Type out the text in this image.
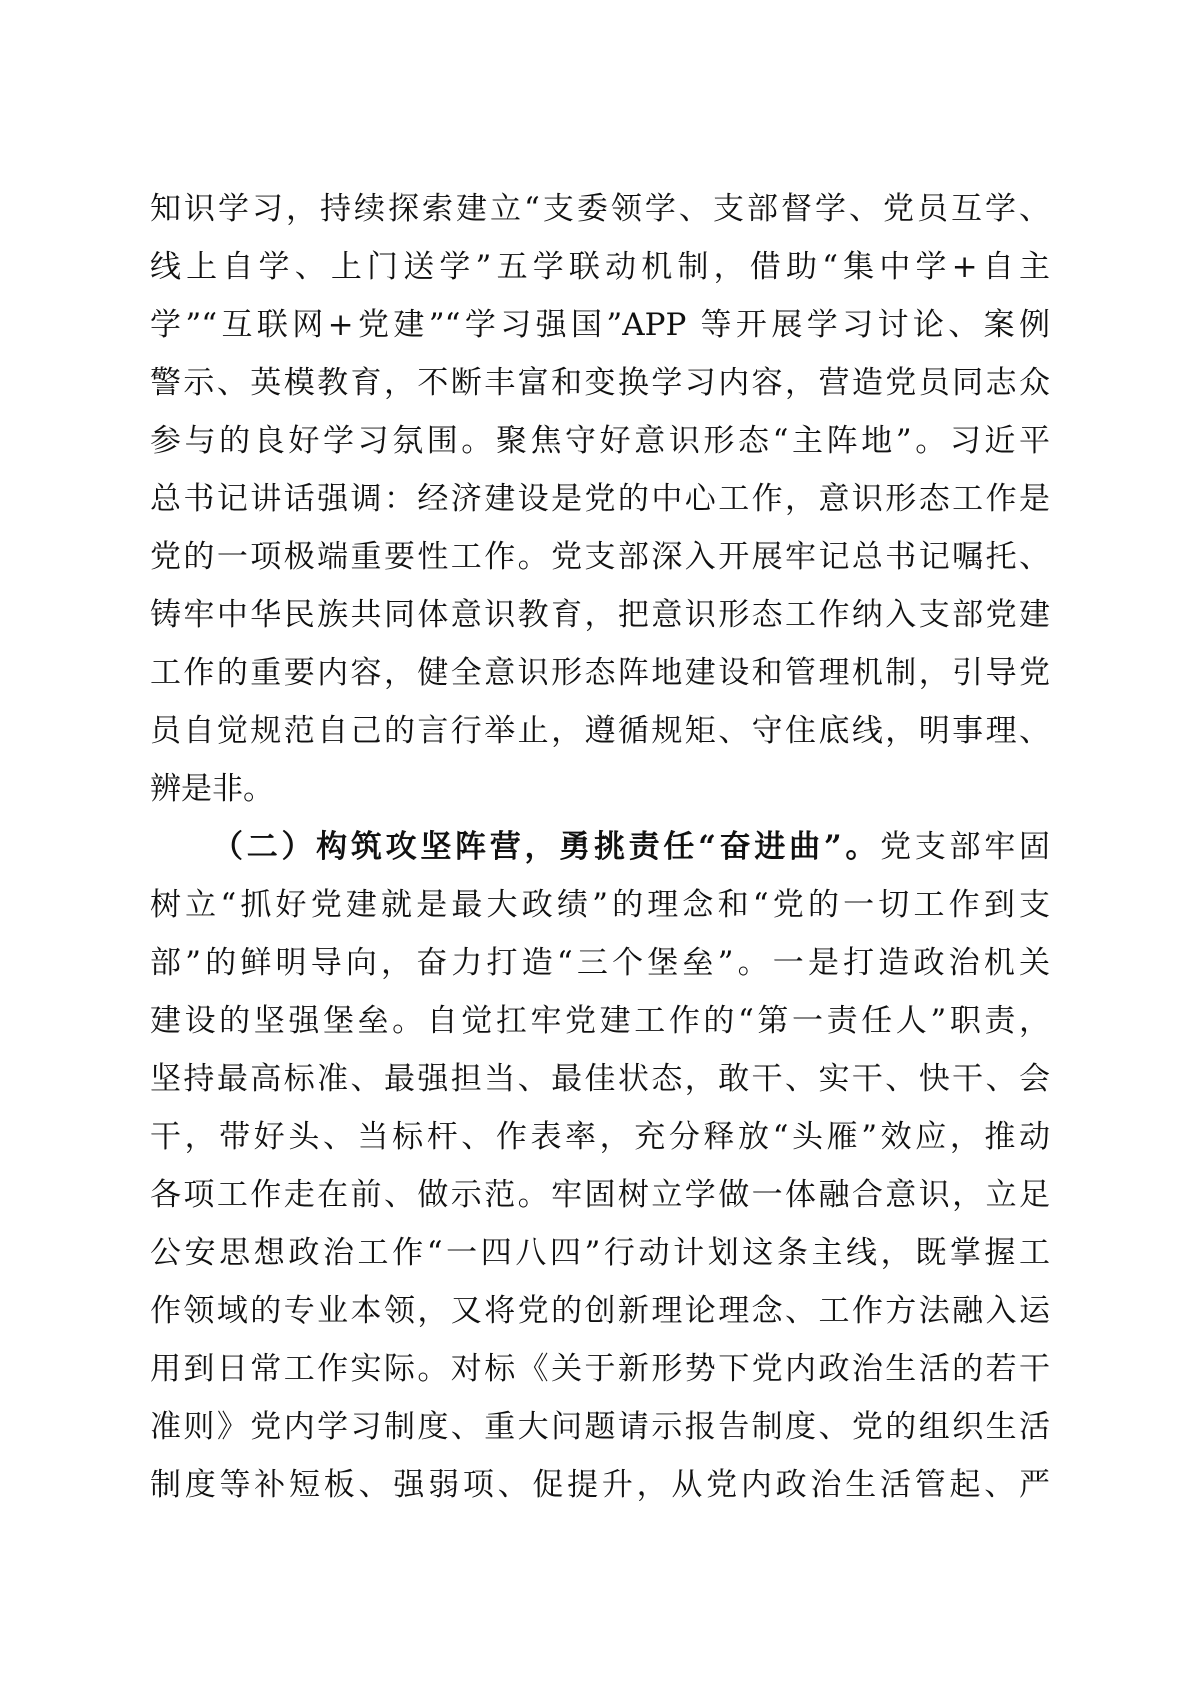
知识学习，持续探索建立“支委领学、支部督学、党员互学、
线上自学、上门送学”五学联动机制，借助“集中学+自主
学”“互联网+党建”“学习强国”APP 等开展学习讨论、案例
警示、英模教育，不断丰富和变换学习内容，营造党员同志众
参与的良好学习氛围。聚焦守好意识形态“主阵地”。习近平
总书记讲话强调：经济建设是党的中心工作，意识形态工作是
党的一项极端重要性工作。党支部深入开展牢记总书记嘱托、
铸牢中华民族共同体意识教育，把意识形态工作纳入支部党建
工作的重要内容，健全意识形态阵地建设和管理机制，引导党
员自觉规范自己的言行举止，遵循规矩、守住底线，明事理、
辨是非。
（二）构筑攻坚阵营，勇挑责任“奋进曲”。党支部牢固
树立“抓好党建就是最大政绩”的理念和“党的一切工作到支
部”的鲜明导向，奋力打造“三个堡垒”。一是打造政治机关
建设的坚强堡垒。自觉扛牢党建工作的“第一责任人”职责，
坚持最高标准、最强担当、最佳状态，敢干、实干、快干、会
干，带好头、当标杆、作表率，充分释放“头雁”效应，推动
各项工作走在前、做示范。牢固树立学做一体融合意识，立足
公安思想政治工作“一四八四”行动计划这条主线，既掌握工
作领域的专业本领，又将党的创新理论理念、工作方法融入运
用到日常工作实际。对标《关于新形势下党内政治生活的若干
准则》党内学习制度、重大问题请示报告制度、党的组织生活
制度等补短板、强弱项、促提升，从党内政治生活管起、严
